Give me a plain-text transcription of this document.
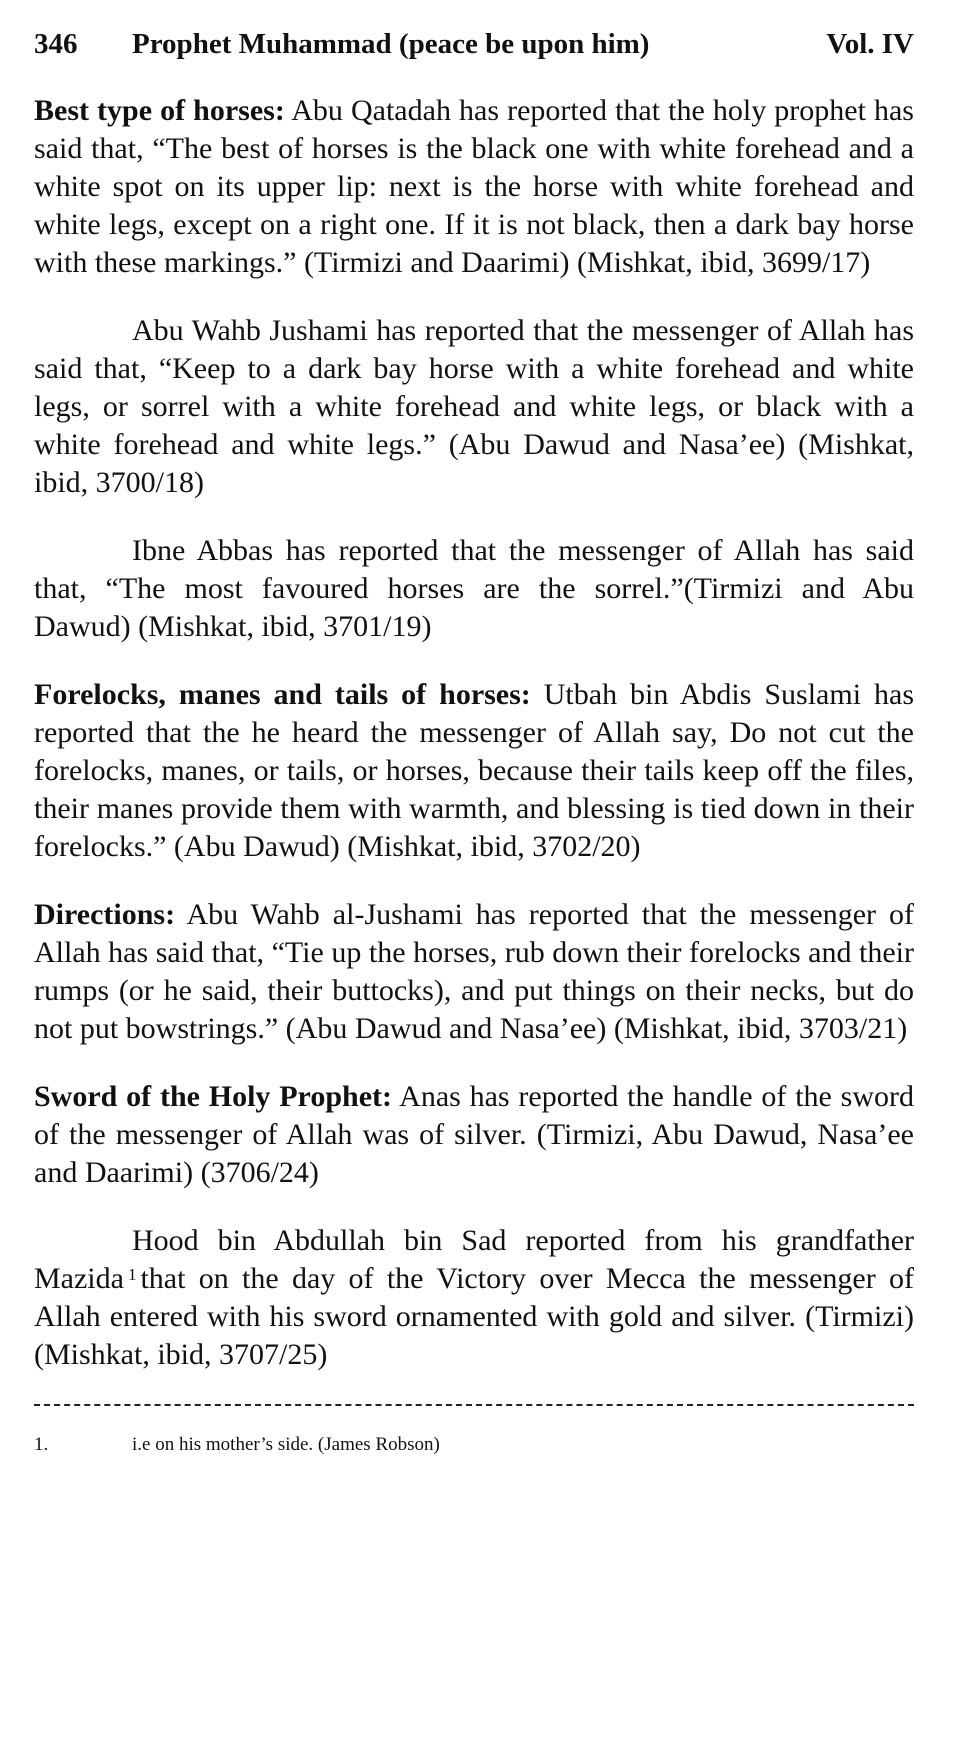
346	Prophet Muhammad (peace be upon him)	Vol. IV

Best type of horses: Abu Qatadah has reported that the holy prophet has said that, “The best of horses is the black one with white forehead and a white spot on its upper lip: next is the horse with white forehead and white legs, except on a right one. If it is not black, then a dark bay horse with these markings.” (Tirmizi and Daarimi) (Mishkat, ibid, 3699/17)

Abu Wahb Jushami has reported that the messenger of Allah has said that, “Keep to a dark bay horse with a white forehead and white legs, or sorrel with a white forehead and white legs, or black with a white forehead and white legs.” (Abu Dawud and Nasa’ee) (Mishkat, ibid, 3700/18)

Ibne Abbas has reported that the messenger of Allah has said that, “The most favoured horses are the sorrel.”(Tirmizi and Abu Dawud) (Mishkat, ibid, 3701/19)

Forelocks, manes and tails of horses: Utbah bin Abdis Suslami has reported that the he heard the messenger of Allah say, Do not cut the forelocks, manes, or tails, or horses, because their tails keep off the files, their manes provide them with warmth, and blessing is tied down in their forelocks.” (Abu Dawud) (Mishkat, ibid, 3702/20)

Directions: Abu Wahb al-Jushami has reported that the messenger of Allah has said that, “Tie up the horses, rub down their forelocks and their rumps (or he said, their buttocks), and put things on their necks, but do not put bowstrings.” (Abu Dawud and Nasa’ee) (Mishkat, ibid, 3703/21)

Sword of the Holy Prophet: Anas has reported the handle of the sword of the messenger of Allah was of silver. (Tirmizi, Abu Dawud, Nasa’ee and Daarimi) (3706/24)

Hood bin Abdullah bin Sad reported from his grandfather Mazida $^1$ that on the day of the Victory over Mecca the messenger of Allah entered with his sword ornamented with gold and silver. (Tirmizi) (Mishkat, ibid, 3707/25)

1.	i.e on his mother’s side. (James Robson)
